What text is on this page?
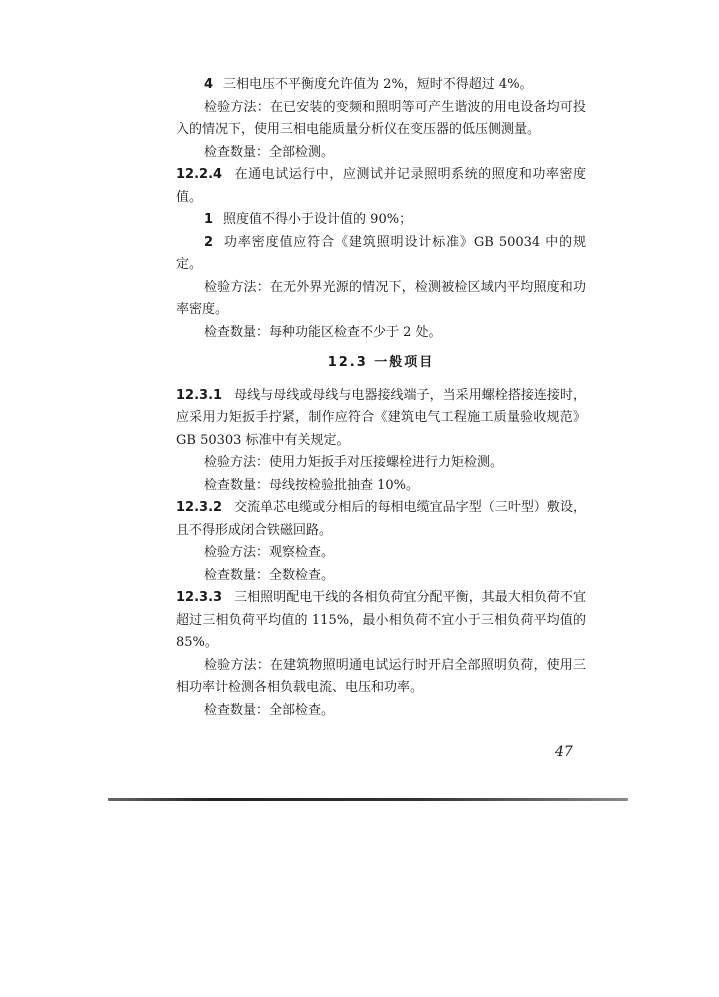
4 三相电压不平衡度允许值为 2%，短时不得超过 4%。

检验方法：在已安装的变频和照明等可产生谐波的用电设备均可投入的情况下，使用三相电能质量分析仪在变压器的低压侧测量。

检查数量：全部检测。

12.2.4 在通电试运行中，应测试并记录照明系统的照度和功率密度值。

1 照度值不得小于设计值的 90%；

2 功率密度值应符合《建筑照明设计标准》GB 50034 中的规定。

检验方法：在无外界光源的情况下，检测被检区域内平均照度和功率密度。

检查数量：每种功能区检查不少于 2 处。

12.3 一般项目

12.3.1 母线与母线或母线与电器接线端子，当采用螺栓搭接连接时，应采用力矩扳手拧紧，制作应符合《建筑电气工程施工质量验收规范》GB 50303 标准中有关规定。

检验方法：使用力矩扳手对压接螺栓进行力矩检测。

检查数量：母线按检验批抽查 10%。

12.3.2 交流单芯电缆或分相后的每相电缆宜品字型（三叶型）敷设，且不得形成闭合铁磁回路。

检验方法：观察检查。

检查数量：全数检查。

12.3.3 三相照明配电干线的各相负荷宜分配平衡，其最大相负荷不宜超过三相负荷平均值的 115%，最小相负荷不宜小于三相负荷平均值的 85%。

检验方法：在建筑物照明通电试运行时开启全部照明负荷，使用三相功率计检测各相负载电流、电压和功率。

检查数量：全部检查。

47
